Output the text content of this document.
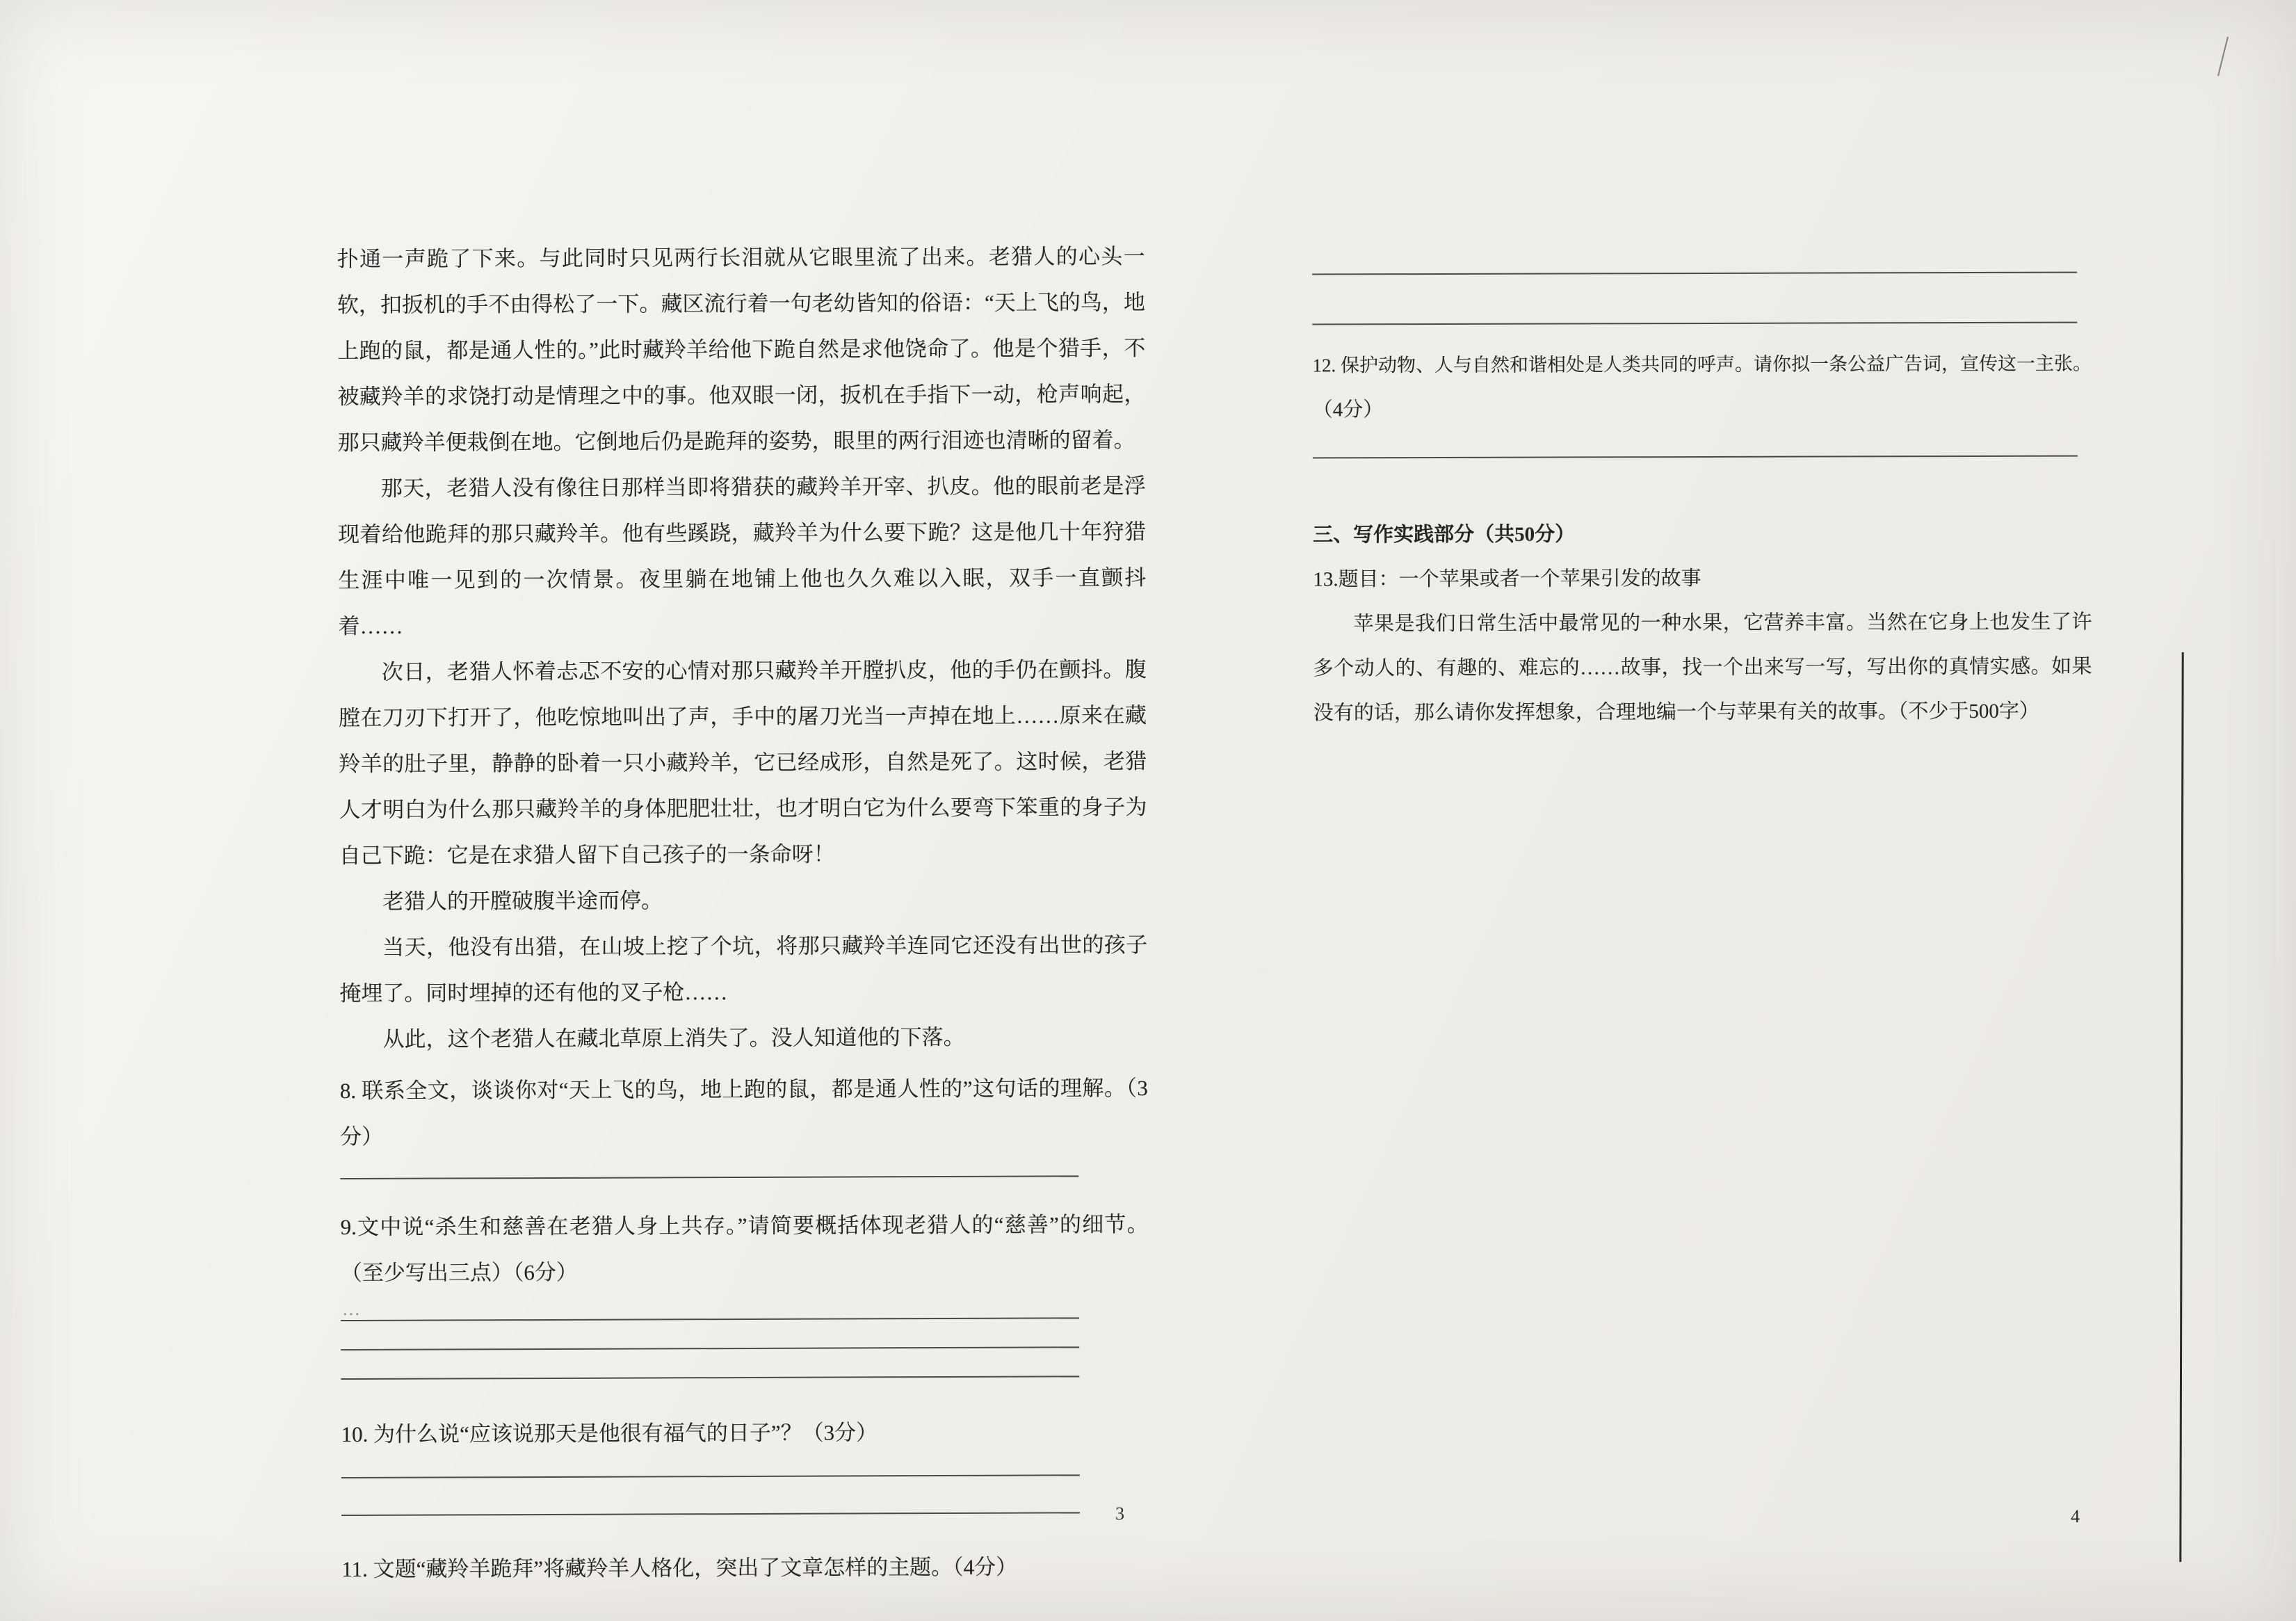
扑通一声跪了下来。与此同时只见两行长泪就从它眼里流了出来。老猎人的心头一软，扣扳机的手不由得松了一下。藏区流行着一句老幼皆知的俗语：“天上飞的鸟，地上跑的鼠，都是通人性的。”此时藏羚羊给他下跪自然是求他饶命了。他是个猎手，不被藏羚羊的求饶打动是情理之中的事。他双眼一闭，扳机在手指下一动，枪声响起，那只藏羚羊便栽倒在地。它倒地后仍是跪拜的姿势，眼里的两行泪迹也清晰的留着。

那天，老猎人没有像往日那样当即将猎获的藏羚羊开宰、扒皮。他的眼前老是浮现着给他跪拜的那只藏羚羊。他有些蹊跷，藏羚羊为什么要下跪？这是他几十年狩猎生涯中唯一见到的一次情景。夜里躺在地铺上他也久久难以入眠，双手一直颤抖着……

次日，老猎人怀着忐忑不安的心情对那只藏羚羊开膛扒皮，他的手仍在颤抖。腹膛在刀刃下打开了，他吃惊地叫出了声，手中的屠刀光当一声掉在地上……原来在藏羚羊的肚子里，静静的卧着一只小藏羚羊，它已经成形，自然是死了。这时候，老猎人才明白为什么那只藏羚羊的身体肥肥壮壮，也才明白它为什么要弯下笨重的身子为自己下跪：它是在求猎人留下自己孩子的一条命呀！

老猎人的开膛破腹半途而停。

当天，他没有出猎，在山坡上挖了个坑，将那只藏羚羊连同它还没有出世的孩子掩埋了。同时埋掉的还有他的叉子枪……

从此，这个老猎人在藏北草原上消失了。没人知道他的下落。

8. 联系全文，谈谈你对“天上飞的鸟，地上跑的鼠，都是通人性的”这句话的理解。（3分）

9.文中说“杀生和慈善在老猎人身上共存。”请简要概括体现老猎人的“慈善”的细节。（至少写出三点）（6分）

10. 为什么说“应该说那天是他很有福气的日子”？（3分）

11. 文题“藏羚羊跪拜”将藏羚羊人格化，突出了文章怎样的主题。（4分）

…
3

12. 保护动物、人与自然和谐相处是人类共同的呼声。请你拟一条公益广告词，宣传这一主张。

（4分）

三、写作实践部分（共50分）

13.题目：一个苹果或者一个苹果引发的故事

苹果是我们日常生活中最常见的一种水果，它营养丰富。当然在它身上也发生了许多个动人的、有趣的、难忘的……故事，找一个出来写一写，写出你的真情实感。如果没有的话，那么请你发挥想象，合理地编一个与苹果有关的故事。（不少于500字）

4
